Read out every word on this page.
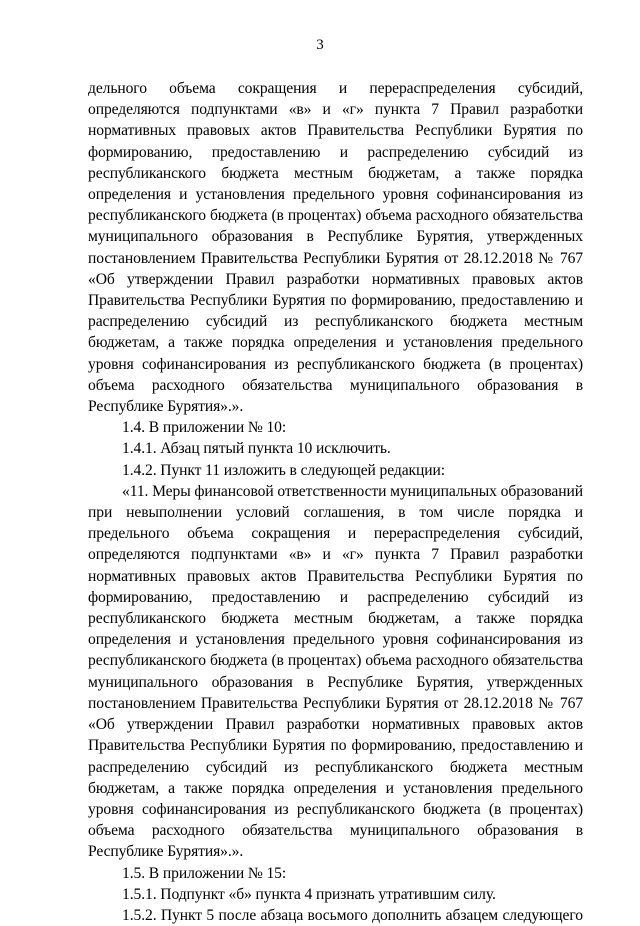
3

дельного объема сокращения и перераспределения субсидий, определяются подпунктами «в» и «г» пункта 7 Правил разработки нормативных правовых актов Правительства Республики Бурятия по формированию, предоставлению и распределению субсидий из республиканского бюджета местным бюджетам, а также порядка определения и установления предельного уровня софинансирования из республиканского бюджета (в процентах) объема расходного обязательства муниципального образования в Республике Бурятия, утвержденных постановлением Правительства Республики Бурятия от 28.12.2018 № 767 «Об утверждении Правил разработки нормативных правовых актов Правительства Республики Бурятия по формированию, предоставлению и распределению субсидий из республиканского бюджета местным бюджетам, а также порядка определения и установления предельного уровня софинансирования из республиканского бюджета (в процентах) объема расходного обязательства муниципального образования в Республике Бурятия».».

1.4. В приложении № 10:

1.4.1. Абзац пятый пункта 10 исключить.

1.4.2. Пункт 11 изложить в следующей редакции:

«11. Меры финансовой ответственности муниципальных образований при невыполнении условий соглашения, в том числе порядка и предельного объема сокращения и перераспределения субсидий, определяются подпунктами «в» и «г» пункта 7 Правил разработки нормативных правовых актов Правительства Республики Бурятия по формированию, предоставлению и распределению субсидий из республиканского бюджета местным бюджетам, а также порядка определения и установления предельного уровня софинансирования из республиканского бюджета (в процентах) объема расходного обязательства муниципального образования в Республике Бурятия, утвержденных постановлением Правительства Республики Бурятия от 28.12.2018 № 767 «Об утверждении Правил разработки нормативных правовых актов Правительства Республики Бурятия по формированию, предоставлению и распределению субсидий из республиканского бюджета местным бюджетам, а также порядка определения и установления предельного уровня софинансирования из республиканского бюджета (в процентах) объема расходного обязательства муниципального образования в Республике Бурятия».».

1.5. В приложении № 15:

1.5.1. Подпункт «б» пункта 4 признать утратившим силу.

1.5.2. Пункт 5 после абзаца восьмого дополнить абзацем следующего
